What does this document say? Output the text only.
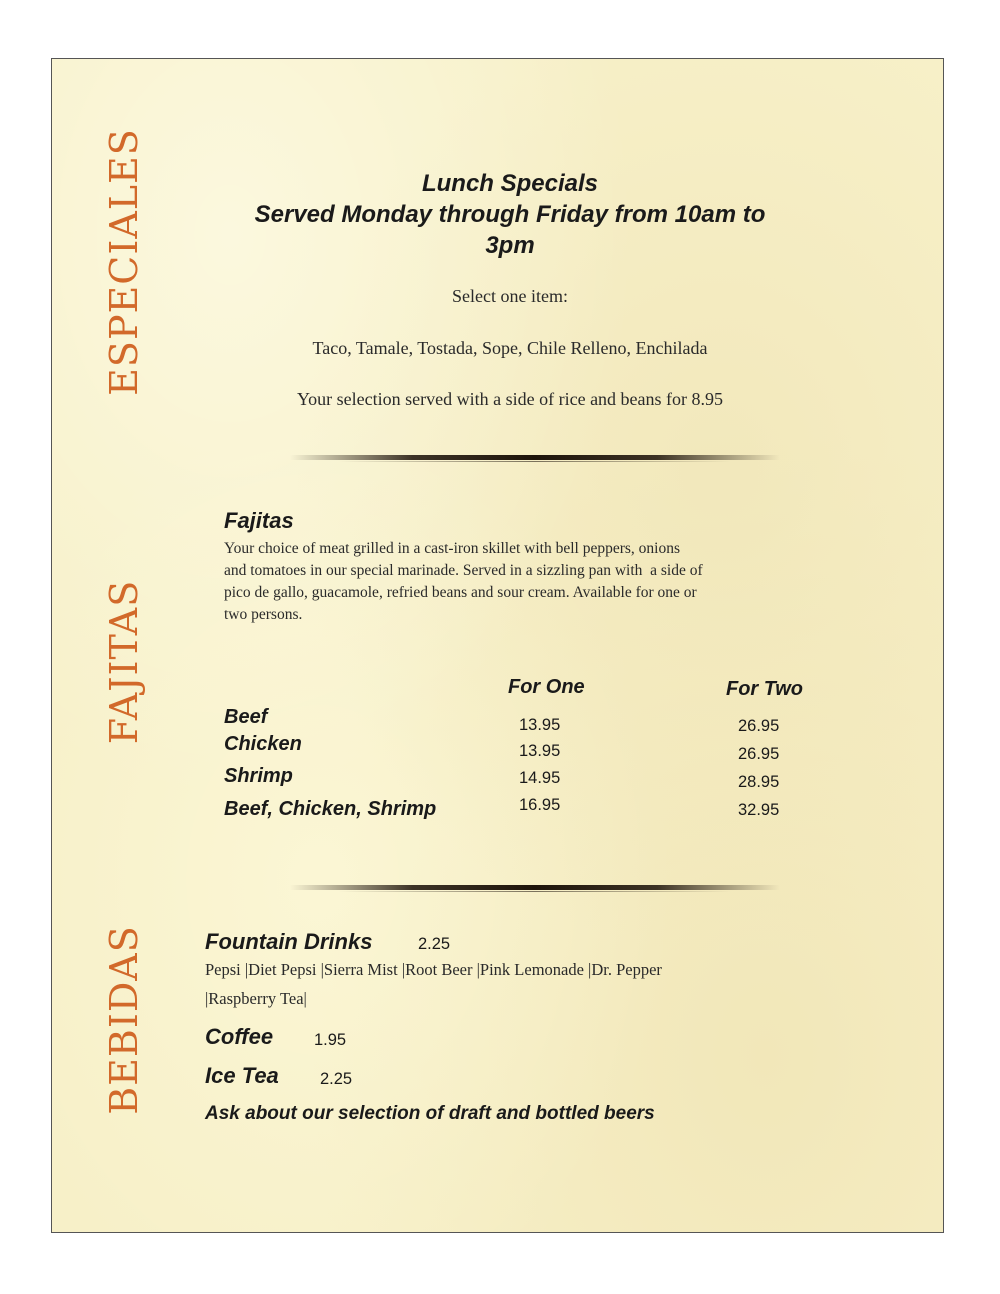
ESPECIALES
FAJITAS
BEBIDAS
Lunch Specials
Served Monday through Friday from 10am to
3pm
Select one item:
Taco, Tamale, Tostada, Sope, Chile Relleno, Enchilada
Your selection served with a side of rice and beans for 8.95
Fajitas
Your choice of meat grilled in a cast-iron skillet with bell peppers, onions
and tomatoes in our special marinade. Served in a sizzling pan with  a side of
pico de gallo, guacamole, refried beans and sour cream. Available for one or
two persons.
For One	For Two
Beef
Chicken
Shrimp
Beef, Chicken, Shrimp
13.95
13.95
14.95
16.95
26.95
26.95
28.95
32.95
Fountain Drinks	2.25
Pepsi |Diet Pepsi |Sierra Mist |Root Beer |Pink Lemonade |Dr. Pepper
|Raspberry Tea|
Coffee 1.95
Ice Tea 2.25
Ask about our selection of draft and bottled beers
